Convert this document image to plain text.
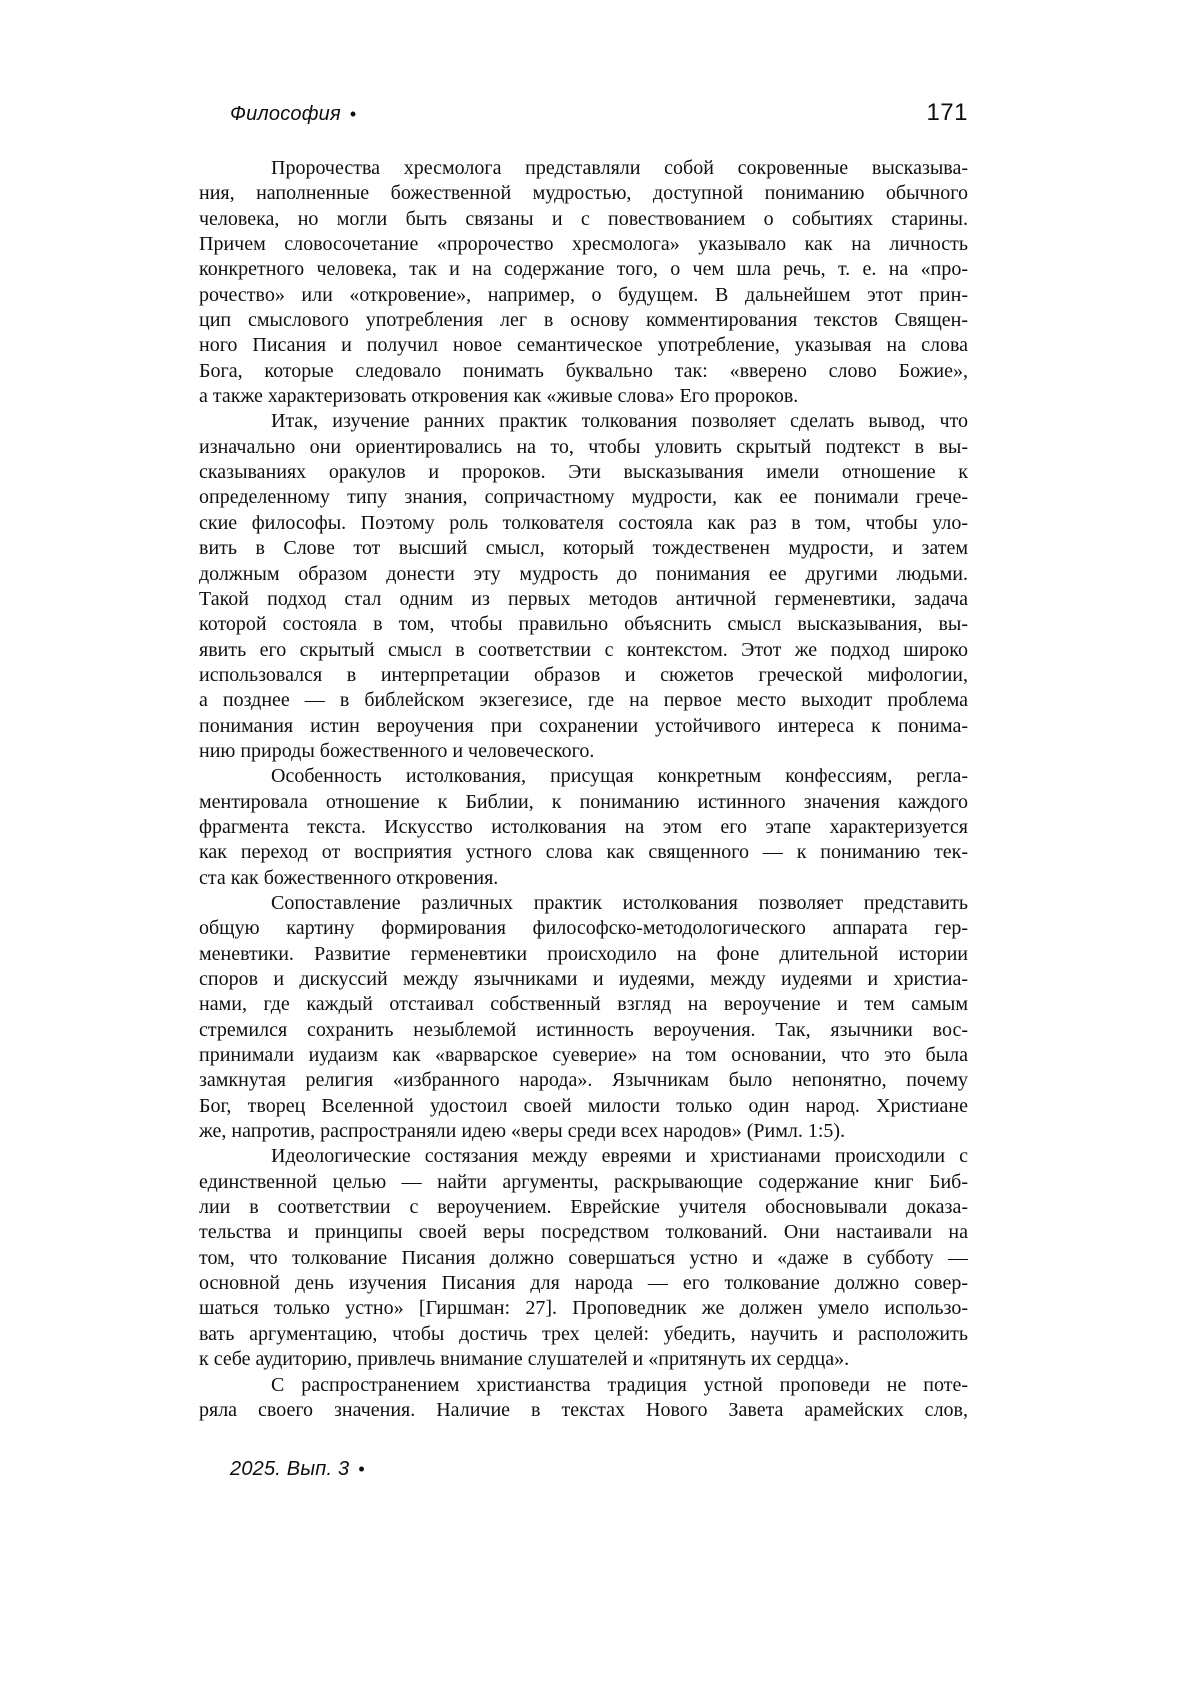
Философия •	171
Пророчества хресмолога представляли собой сокровенные высказыва-
ния, наполненные божественной мудростью, доступной пониманию обычного
человека, но могли быть связаны и с повествованием о событиях старины.
Причем словосочетание «пророчество хресмолога» указывало как на личность
конкретного человека, так и на содержание того, о чем шла речь, т. е. на «про-
рочество» или «откровение», например, о будущем. В дальнейшем этот прин-
цип смыслового употребления лег в основу комментирования текстов Священ-
ного Писания и получил новое семантическое употребление, указывая на слова
Бога, которые следовало понимать буквально так: «вверено слово Божие»,
а также характеризовать откровения как «живые слова» Его пророков.
Итак, изучение ранних практик толкования позволяет сделать вывод, что
изначально они ориентировались на то, чтобы уловить скрытый подтекст в вы-
сказываниях оракулов и пророков. Эти высказывания имели отношение к
определенному типу знания, сопричастному мудрости, как ее понимали грече-
ские философы. Поэтому роль толкователя состояла как раз в том, чтобы уло-
вить в Слове тот высший смысл, который тождественен мудрости, и затем
должным образом донести эту мудрость до понимания ее другими людьми.
Такой подход стал одним из первых методов античной герменевтики, задача
которой состояла в том, чтобы правильно объяснить смысл высказывания, вы-
явить его скрытый смысл в соответствии с контекстом. Этот же подход широко
использовался в интерпретации образов и сюжетов греческой мифологии,
а позднее — в библейском экзегезисе, где на первое место выходит проблема
понимания истин вероучения при сохранении устойчивого интереса к понима-
нию природы божественного и человеческого.
Особенность истолкования, присущая конкретным конфессиям, регла-
ментировала отношение к Библии, к пониманию истинного значения каждого
фрагмента текста. Искусство истолкования на этом его этапе характеризуется
как переход от восприятия устного слова как священного — к пониманию тек-
ста как божественного откровения.
Сопоставление различных практик истолкования позволяет представить
общую картину формирования философско-методологического аппарата гер-
меневтики. Развитие герменевтики происходило на фоне длительной истории
споров и дискуссий между язычниками и иудеями, между иудеями и христиа-
нами, где каждый отстаивал собственный взгляд на вероучение и тем самым
стремился сохранить незыблемой истинность вероучения. Так, язычники вос-
принимали иудаизм как «варварское суеверие» на том основании, что это была
замкнутая религия «избранного народа». Язычникам было непонятно, почему
Бог, творец Вселенной удостоил своей милости только один народ. Христиане
же, напротив, распространяли идею «веры среди всех народов» (Римл. 1:5).
Идеологические состязания между евреями и христианами происходили с
единственной целью — найти аргументы, раскрывающие содержание книг Биб-
лии в соответствии с вероучением. Еврейские учителя обосновывали доказа-
тельства и принципы своей веры посредством толкований. Они настаивали на
том, что толкование Писания должно совершаться устно и «даже в субботу —
основной день изучения Писания для народа — его толкование должно совер-
шаться только устно» [Гиршман: 27]. Проповедник же должен умело использо-
вать аргументацию, чтобы достичь трех целей: убедить, научить и расположить
к себе аудиторию, привлечь внимание слушателей и «притянуть их сердца».
С распространением христианства традиция устной проповеди не поте-
ряла своего значения. Наличие в текстах Нового Завета арамейских слов,
2025. Вып. 3 •
